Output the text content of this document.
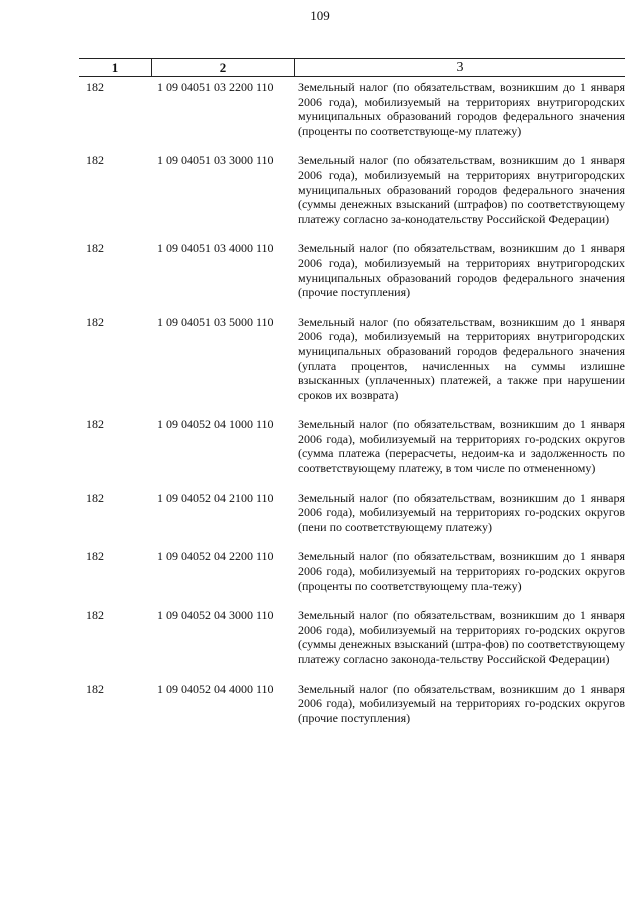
109
1	2	3
182	1 09 04051 03 2200 110	Земельный налог (по обязательствам, возникшим до 1 января 2006 года), мобилизуемый на территориях внутригородских муниципальных образований городов федерального значения (проценты по соответствующе-му платежу)
182	1 09 04051 03 3000 110	Земельный налог (по обязательствам, возникшим до 1 января 2006 года), мобилизуемый на территориях внутригородских муниципальных образований городов федерального значения (суммы денежных взысканий (штрафов) по соответствующему платежу согласно за-конодательству Российской Федерации)
182	1 09 04051 03 4000 110	Земельный налог (по обязательствам, возникшим до 1 января 2006 года), мобилизуемый на территориях внутригородских муниципальных образований городов федерального значения (прочие поступления)
182	1 09 04051 03 5000 110	Земельный налог (по обязательствам, возникшим до 1 января 2006 года), мобилизуемый на территориях внутригородских муниципальных образований городов федерального значения (уплата процентов, начисленных на суммы излишне взысканных (уплаченных) платежей, а также при нарушении сроков их возврата)
182	1 09 04052 04 1000 110	Земельный налог (по обязательствам, возникшим до 1 января 2006 года), мобилизуемый на территориях го-родских округов (сумма платежа (перерасчеты, недоим-ка и задолженность по соответствующему платежу, в том числе по отмененному)
182	1 09 04052 04 2100 110	Земельный налог (по обязательствам, возникшим до 1 января 2006 года), мобилизуемый на территориях го-родских округов (пени по соответствующему платежу)
182	1 09 04052 04 2200 110	Земельный налог (по обязательствам, возникшим до 1 января 2006 года), мобилизуемый на территориях го-родских округов (проценты по соответствующему пла-тежу)
182	1 09 04052 04 3000 110	Земельный налог (по обязательствам, возникшим до 1 января 2006 года), мобилизуемый на территориях го-родских округов (суммы денежных взысканий (штра-фов) по соответствующему платежу согласно законода-тельству Российской Федерации)
182	1 09 04052 04 4000 110	Земельный налог (по обязательствам, возникшим до 1 января 2006 года), мобилизуемый на территориях го-родских округов (прочие поступления)
